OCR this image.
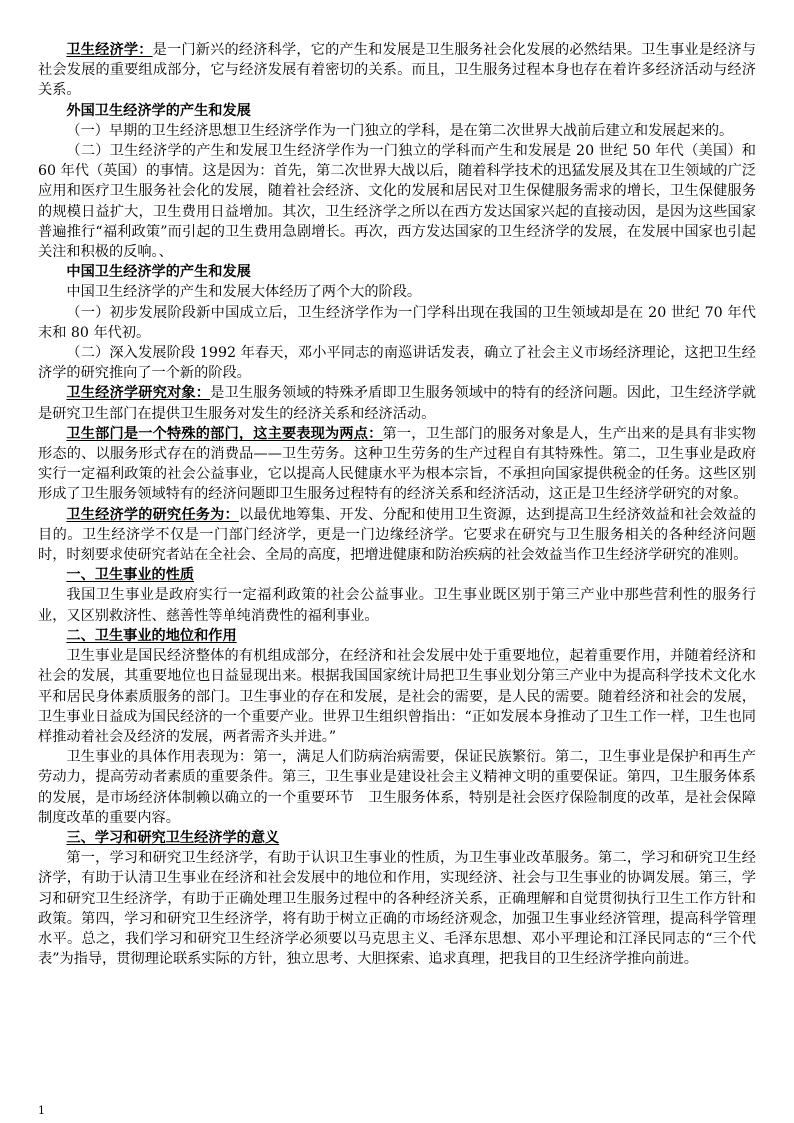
卫生经济学：是一门新兴的经济科学，它的产生和发展是卫生服务社会化发展的必然结果。卫生事业是经济与社会发展的重要组成部分，它与经济发展有着密切的关系。而且，卫生服务过程本身也存在着许多经济活动与经济关系。

外国卫生经济学的产生和发展

（一）早期的卫生经济思想卫生经济学作为一门独立的学科，是在第二次世界大战前后建立和发展起来的。

（二）卫生经济学的产生和发展卫生经济学作为一门独立的学科而产生和发展是 20 世纪 50 年代（美国）和 60 年代（英国）的事情。这是因为：首先，第二次世界大战以后，随着科学技术的迅猛发展及其在卫生领域的广泛应用和医疗卫生服务社会化的发展，随着社会经济、文化的发展和居民对卫生保健服务需求的增长，卫生保健服务的规模日益扩大，卫生费用日益增加。其次，卫生经济学之所以在西方发达国家兴起的直接动因，是因为这些国家普遍推行“福利政策”而引起的卫生费用急剧增长。再次，西方发达国家的卫生经济学的发展，在发展中国家也引起关注和积极的反响。、

中国卫生经济学的产生和发展

中国卫生经济学的产生和发展大体经历了两个大的阶段。

（一）初步发展阶段新中国成立后，卫生经济学作为一门学科出现在我国的卫生领域却是在 20 世纪 70 年代末和 80 年代初。

（二）深入发展阶段 1992 年春天，邓小平同志的南巡讲话发表，确立了社会主义市场经济理论，这把卫生经济学的研究推向了一个新的阶段。

卫生经济学研究对象：是卫生服务领域的特殊矛盾即卫生服务领域中的特有的经济问题。因此，卫生经济学就是研究卫生部门在提供卫生服务对发生的经济关系和经济活动。

卫生部门是一个特殊的部门，这主要表现为两点：第一，卫生部门的服务对象是人，生产出来的是具有非实物形态的、以服务形式存在的消费品——卫生劳务。这种卫生劳务的生产过程自有其特殊性。第二，卫生事业是政府实行一定福利政策的社会公益事业，它以提高人民健康水平为根本宗旨，不承担向国家提供税金的任务。这些区别形成了卫生服务领域特有的经济问题即卫生服务过程特有的经济关系和经济活动，这正是卫生经济学研究的对象。

卫生经济学的研究任务为：以最优地筹集、开发、分配和使用卫生资源，达到提高卫生经济效益和社会效益的目的。卫生经济学不仅是一门部门经济学，更是一门边缘经济学。它要求在研究与卫生服务相关的各种经济问题时，时刻要求使研究者站在全社会、全局的高度，把增进健康和防治疾病的社会效益当作卫生经济学研究的准则。

一、卫生事业的性质

我国卫生事业是政府实行一定福利政策的社会公益事业。卫生事业既区别于第三产业中那些营利性的服务行业，又区别救济性、慈善性等单纯消费性的福利事业。

二、卫生事业的地位和作用

卫生事业是国民经济整体的有机组成部分，在经济和社会发展中处于重要地位，起着重要作用，并随着经济和社会的发展，其重要地位也日益显现出来。根据我国国家统计局把卫生事业划分第三产业中为提高科学技术文化水平和居民身体素质服务的部门。卫生事业的存在和发展，是社会的需要，是人民的需要。随着经济和社会的发展，卫生事业日益成为国民经济的一个重要产业。世界卫生组织曾指出：“正如发展本身推动了卫生工作一样，卫生也同样推动着社会及经济的发展，两者需齐头并进。”

卫生事业的具体作用表现为：第一，满足人们防病治病需要，保证民族繁衍。第二，卫生事业是保护和再生产劳动力，提高劳动者素质的重要条件。第三，卫生事业是建设社会主义精神文明的重要保证。第四，卫生服务体系的发展，是市场经济体制赖以确立的一个重要环节　卫生服务体系，特别是社会医疗保险制度的改革，是社会保障制度改革的重要内容。

三、学习和研究卫生经济学的意义

第一，学习和研究卫生经济学，有助于认识卫生事业的性质，为卫生事业改革服务。第二，学习和研究卫生经济学，有助于认清卫生事业在经济和社会发展中的地位和作用，实现经济、社会与卫生事业的协调发展。第三，学习和研究卫生经济学，有助于正确处理卫生服务过程中的各种经济关系，正确理解和自觉贯彻执行卫生工作方针和政策。第四，学习和研究卫生经济学，将有助于树立正确的市场经济观念，加强卫生事业经济管理，提高科学管理水平。总之，我们学习和研究卫生经济学必须要以马克思主义、毛泽东思想、邓小平理论和江泽民同志的“三个代表”为指导，贯彻理论联系实际的方针，独立思考、大胆探索、追求真理，把我目的卫生经济学推向前进。

1
